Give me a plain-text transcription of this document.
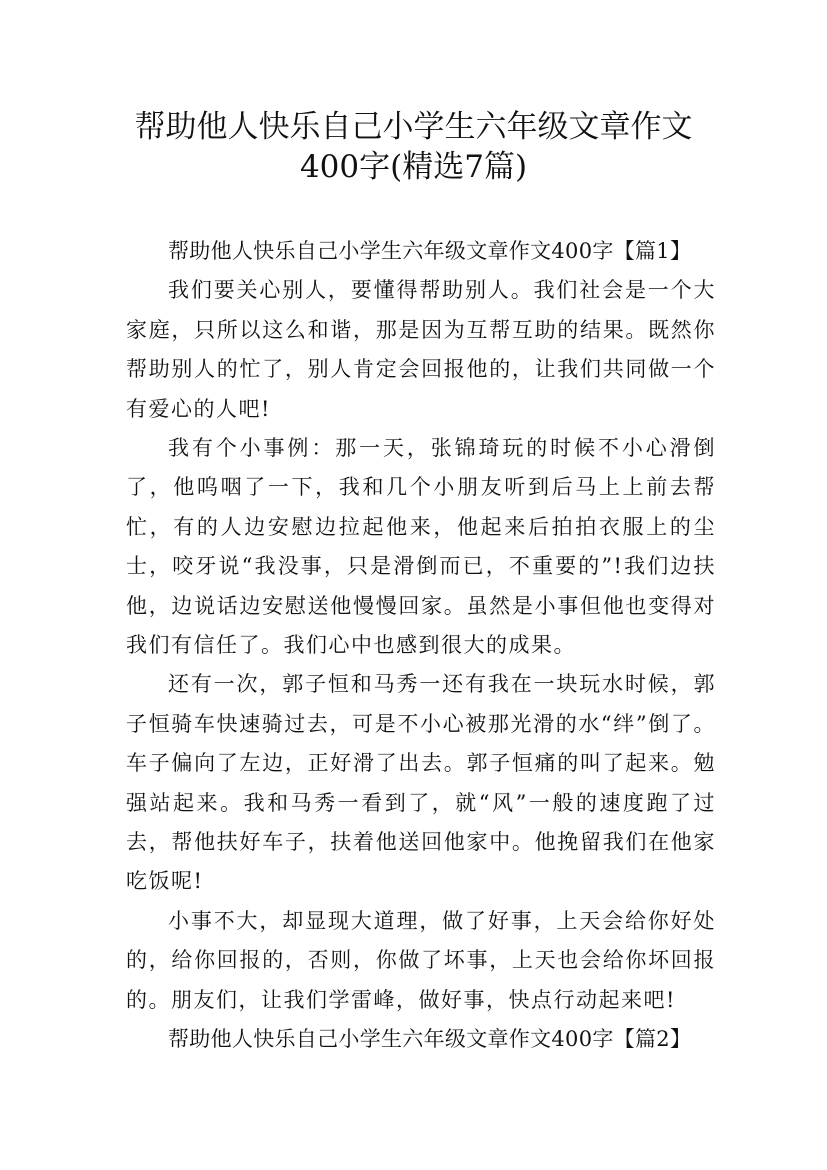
帮助他人快乐自己小学生六年级文章作文
400字(精选7篇)

帮助他人快乐自己小学生六年级文章作文400字【篇1】

我们要关心别人，要懂得帮助别人。我们社会是一个大家庭，只所以这么和谐，那是因为互帮互助的结果。既然你帮助别人的忙了，别人肯定会回报他的，让我们共同做一个有爱心的人吧!

我有个小事例：那一天，张锦琦玩的时候不小心滑倒了，他呜咽了一下，我和几个小朋友听到后马上上前去帮忙，有的人边安慰边拉起他来，他起来后拍拍衣服上的尘士，咬牙说“我没事，只是滑倒而已，不重要的”!我们边扶他，边说话边安慰送他慢慢回家。虽然是小事但他也变得对我们有信任了。我们心中也感到很大的成果。

还有一次，郭子恒和马秀一还有我在一块玩水时候，郭子恒骑车快速骑过去，可是不小心被那光滑的水“绊”倒了。车子偏向了左边，正好滑了出去。郭子恒痛的叫了起来。勉强站起来。我和马秀一看到了，就“风”一般的速度跑了过去，帮他扶好车子，扶着他送回他家中。他挽留我们在他家吃饭呢!

小事不大，却显现大道理，做了好事，上天会给你好处的，给你回报的，否则，你做了坏事，上天也会给你坏回报的。朋友们，让我们学雷峰，做好事，快点行动起来吧!

帮助他人快乐自己小学生六年级文章作文400字【篇2】
